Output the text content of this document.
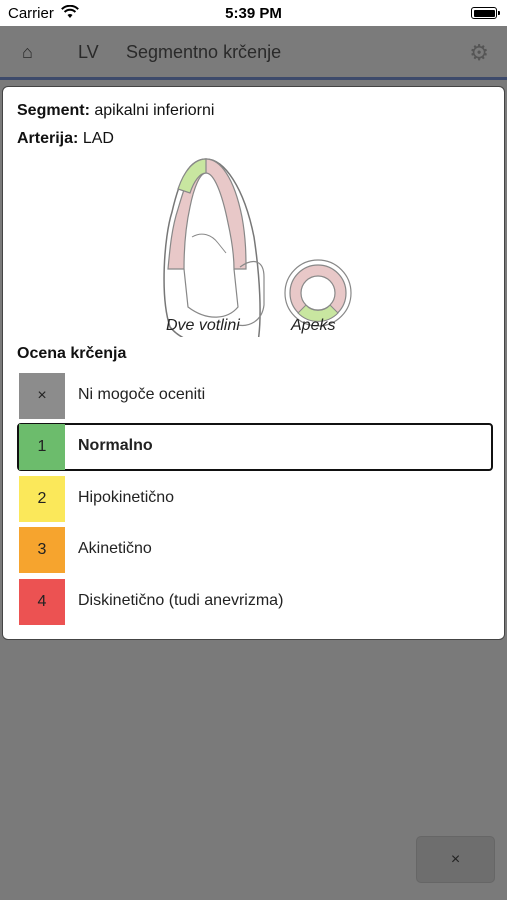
Carrier	5:39 PM
⌂	LV Segmentno krčenje	⚙
Segment: apikalni inferiorni
Arterija: LAD
Dve votlini	Apeks
Ocena krčenja
×	Ni mogoče oceniti
1	Normalno
2	Hipokinetično
3	Akinetično
4	Diskinetično (tudi anevrizma)
×
